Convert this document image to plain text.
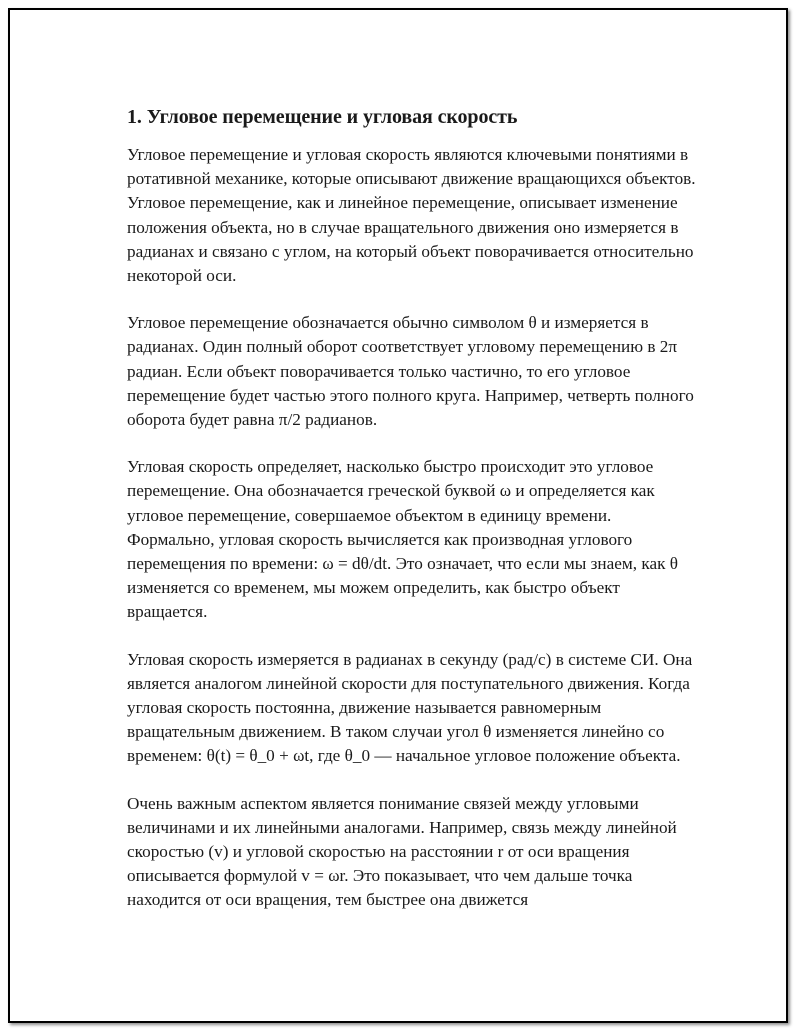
1. Угловое перемещение и угловая скорость

Угловое перемещение и угловая скорость являются ключевыми понятиями в ротативной механике, которые описывают движение вращающихся объектов. Угловое перемещение, как и линейное перемещение, описывает изменение положения объекта, но в случае вращательного движения оно измеряется в радианах и связано с углом, на который объект поворачивается относительно некоторой оси.

Угловое перемещение обозначается обычно символом θ и измеряется в радианах. Один полный оборот соответствует угловому перемещению в 2π радиан. Если объект поворачивается только частично, то его угловое перемещение будет частью этого полного круга. Например, четверть полного оборота будет равна π/2 радианов.

Угловая скорость определяет, насколько быстро происходит это угловое перемещение. Она обозначается греческой буквой ω и определяется как угловое перемещение, совершаемое объектом в единицу времени. Формально, угловая скорость вычисляется как производная углового перемещения по времени: ω = dθ/dt. Это означает, что если мы знаем, как θ изменяется со временем, мы можем определить, как быстро объект вращается.

Угловая скорость измеряется в радианах в секунду (рад/с) в системе СИ. Она является аналогом линейной скорости для поступательного движения. Когда угловая скорость постоянна, движение называется равномерным вращательным движением. В таком случаи угол θ изменяется линейно со временем: θ(t) = θ_0 + ωt, где θ_0 — начальное угловое положение объекта.

Очень важным аспектом является понимание связей между угловыми величинами и их линейными аналогами. Например, связь между линейной скоростью (v) и угловой скоростью на расстоянии r от оси вращения описывается формулой v = ωr. Это показывает, что чем дальше точка находится от оси вращения, тем быстрее она движется
